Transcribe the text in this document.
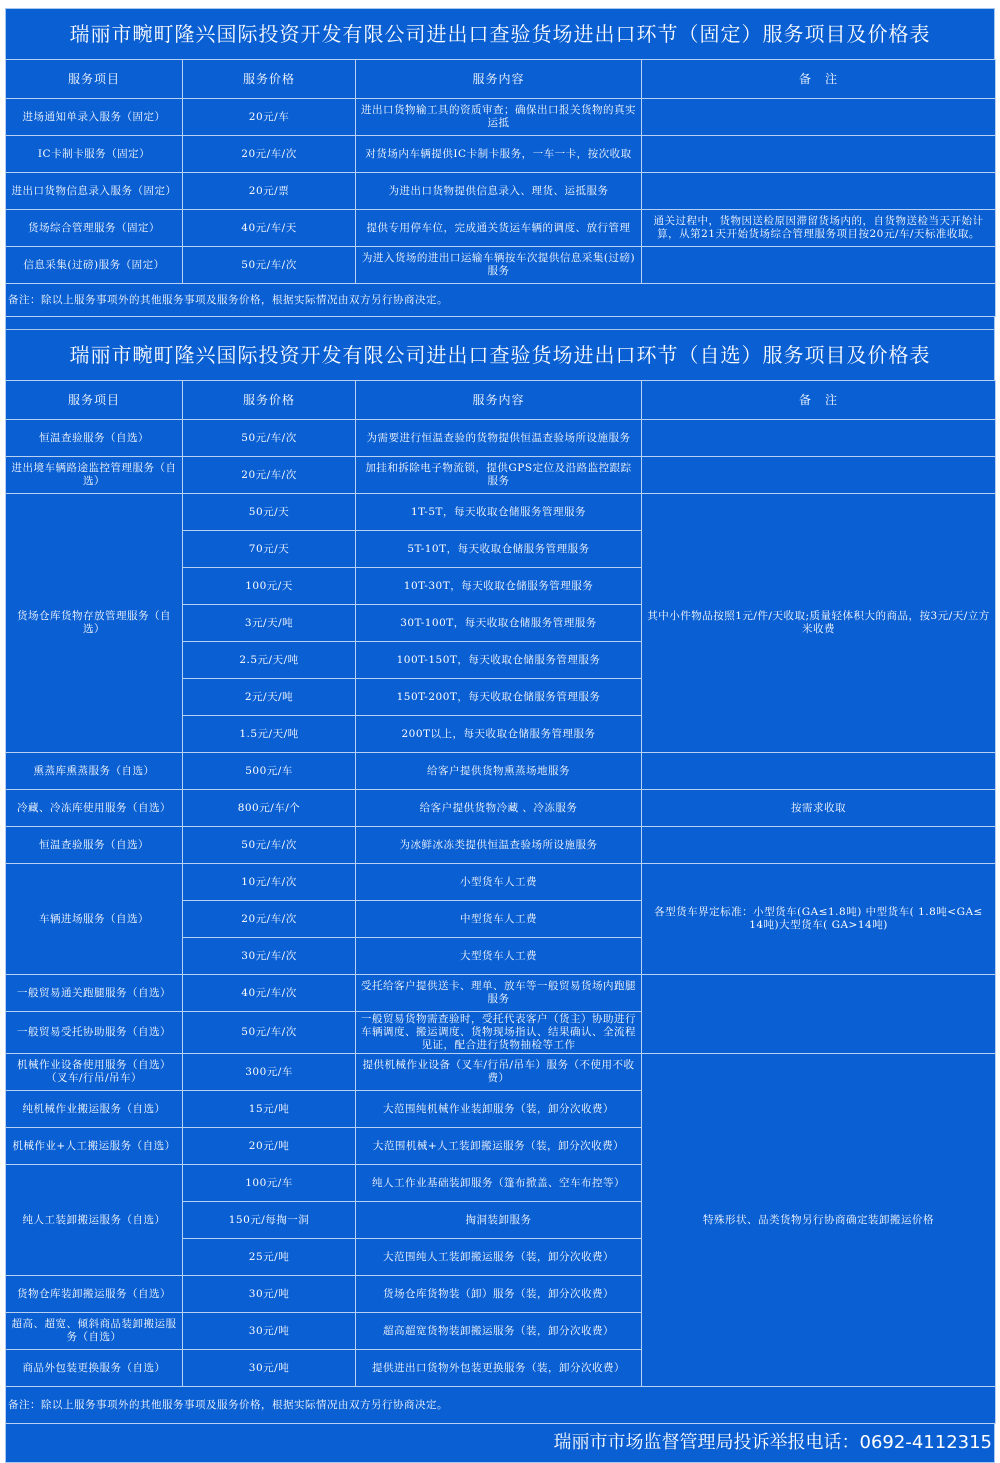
瑞丽市畹町隆兴国际投资开发有限公司进出口查验货场进出口环节（固定）服务项目及价格表
服务项目	服务价格	服务内容	备　注
进场通知单录入服务（固定）	20元/车	进出口货物输工具的资质审查；确保出口报关货物的真实运抵	
IC卡制卡服务（固定）	20元/车/次	对货场内车辆提供IC卡制卡服务，一车一卡，按次收取	
进出口货物信息录入服务（固定）	20元/票	为进出口货物提供信息录入、理货、运抵服务	
货场综合管理服务（固定）	40元/车/天	提供专用停车位，完成通关货运车辆的调度、放行管理	通关过程中，货物因送检原因滞留货场内的，自货物送检当天开始计算，从第21天开始货场综合管理服务项目按20元/车/天标准收取。
信息采集(过磅)服务（固定）	50元/车/次	为进入货场的进出口运输车辆按车次提供信息采集(过磅)服务	
备注：除以上服务事项外的其他服务事项及服务价格，根据实际情况由双方另行协商决定。			
瑞丽市畹町隆兴国际投资开发有限公司进出口查验货场进出口环节（自选）服务项目及价格表
服务项目	服务价格	服务内容	备　注
恒温查验服务（自选）	50元/车/次	为需要进行恒温查验的货物提供恒温查验场所设施服务	
进出境车辆路途监控管理服务（自选）	20元/车/次	加挂和拆除电子物流锁，提供GPS定位及沿路监控跟踪服务	
货场仓库货物存放管理服务（自选）	50元/天	1T-5T，每天收取仓储服务管理服务	其中小件物品按照1元/件/天收取;质量轻体积大的商品，按3元/天/立方米收费
	70元/天	5T-10T，每天收取仓储服务管理服务	
	100元/天	10T-30T，每天收取仓储服务管理服务	
	3元/天/吨	30T-100T，每天收取仓储服务管理服务	
	2.5元/天/吨	100T-150T，每天收取仓储服务管理服务	
	2元/天/吨	150T-200T，每天收取仓储服务管理服务	
	1.5元/天/吨	200T以上，每天收取仓储服务管理服务	
熏蒸库熏蒸服务（自选）	500元/车	给客户提供货物熏蒸场地服务	
冷藏、冷冻库使用服务（自选）	800元/车/个	给客户提供货物冷藏 、冷冻服务	按需求收取
恒温查验服务（自选）	50元/车/次	为冰鲜冰冻类提供恒温查验场所设施服务	
车辆进场服务（自选）	10元/车/次	小型货车人工费	各型货车界定标准：小型货车(GA≤1.8吨) 中型货车( 1.8吨<GA≤ 14吨)大型货车( GA>14吨)
	20元/车/次	中型货车人工费	
	30元/车/次	大型货车人工费	
一般贸易通关跑腿服务（自选）	40元/车/次	受托给客户提供送卡、理单、放车等一般贸易货场内跑腿服务	
一般贸易受托协助服务（自选）	50元/车/次	一般贸易货物需查验时，受托代表客户（货主）协助进行车辆调度、搬运调度、货物现场指认、结果确认、全流程见证，配合进行货物抽检等工作	
机械作业设备使用服务（自选）（叉车/行吊/吊车）	300元/车	提供机械作业设备（叉车/行吊/吊车）服务（不使用不收费）	特殊形状、品类货物另行协商确定装卸搬运价格
纯机械作业搬运服务（自选）	15元/吨	大范围纯机械作业装卸服务（装，卸分次收费）	
机械作业+人工搬运服务（自选）	20元/吨	大范围机械+人工装卸搬运服务（装，卸分次收费）	
纯人工装卸搬运服务（自选）	100元/车	纯人工作业基础装卸服务（篷布掀盖、空车布控等）	
	150元/每掏一洞	掏洞装卸服务	
	25元/吨	大范围纯人工装卸搬运服务（装，卸分次收费）	
货物仓库装卸搬运服务（自选）	30元/吨	货场仓库货物装（卸）服务（装，卸分次收费）	
超高、超宽、倾斜商品装卸搬运服务（自选）	30元/吨	超高超宽货物装卸搬运服务（装，卸分次收费）	
商品外包装更换服务（自选）	30元/吨	提供进出口货物外包装更换服务（装，卸分次收费）	
备注：除以上服务事项外的其他服务事项及服务价格，根据实际情况由双方另行协商决定。			
瑞丽市市场监督管理局投诉举报电话：0692-4112315
